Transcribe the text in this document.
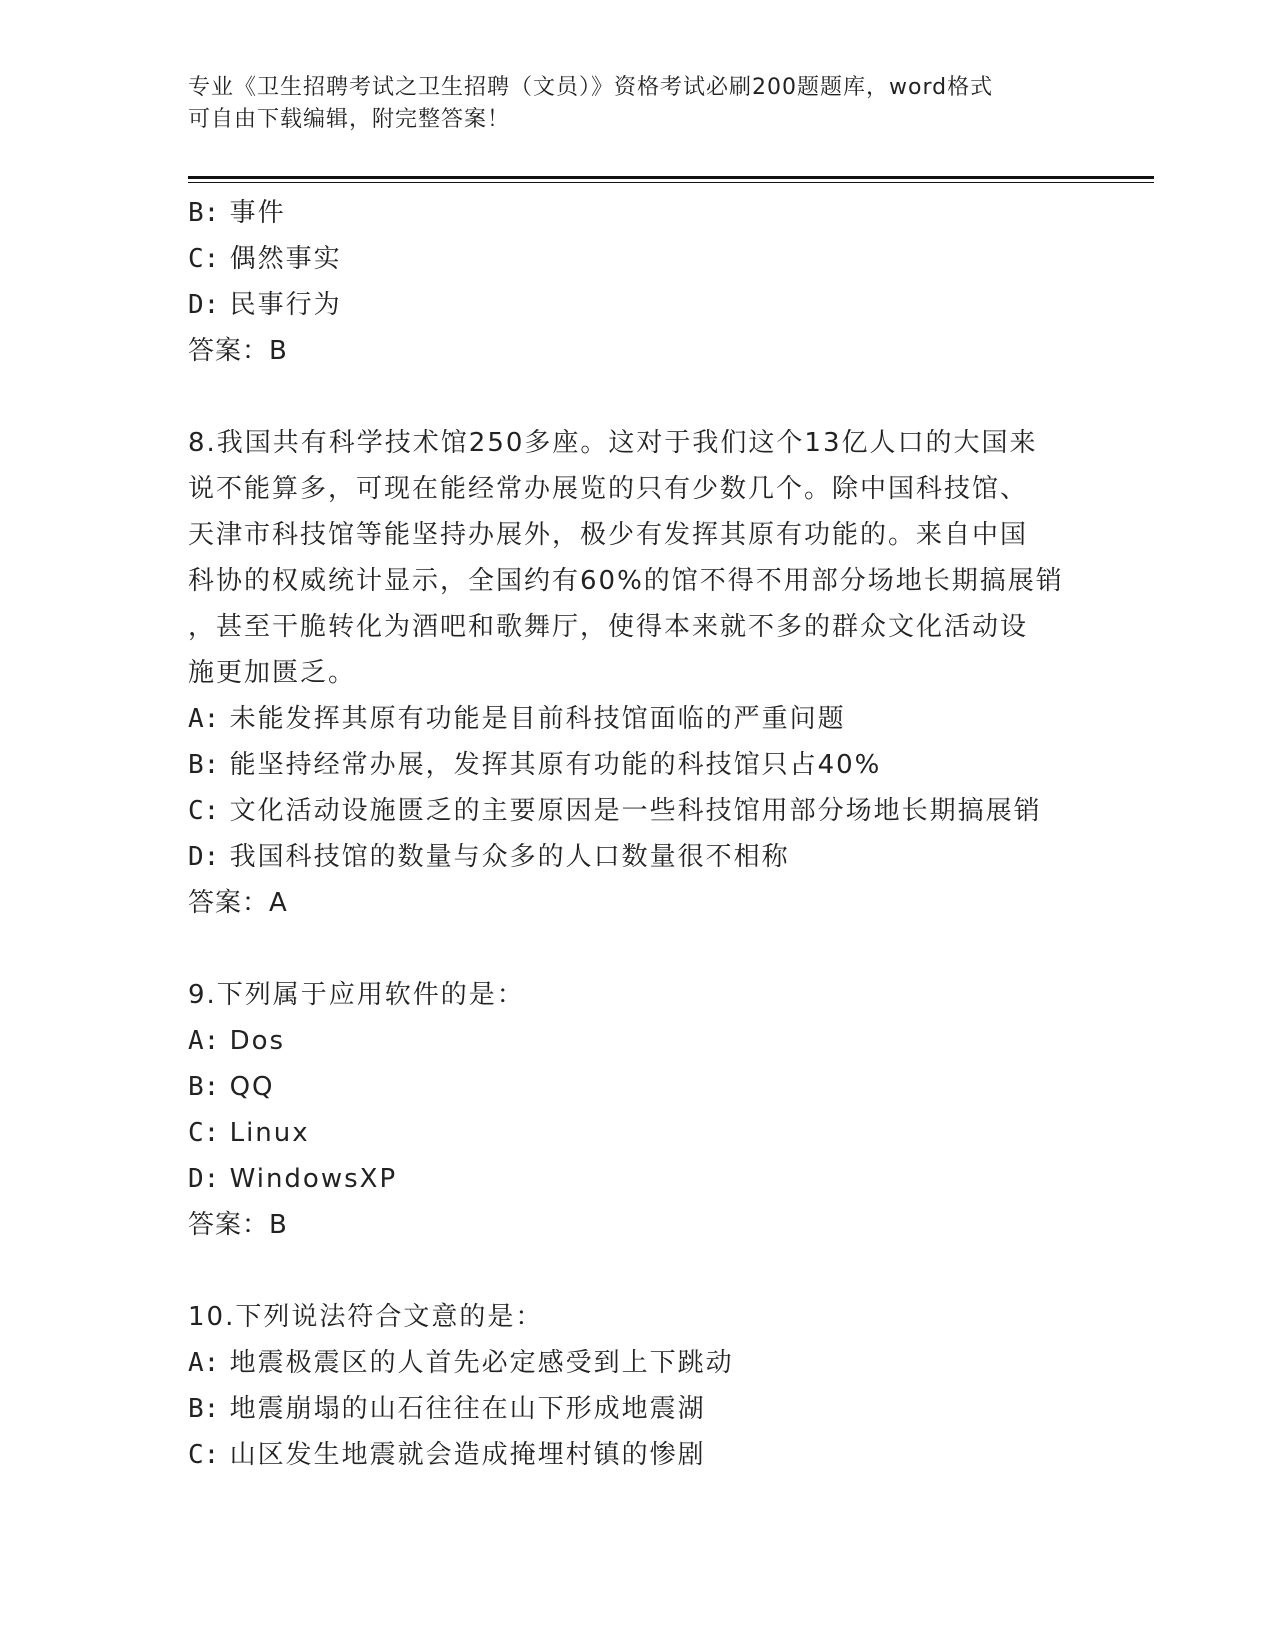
专业《卫生招聘考试之卫生招聘（文员）》资格考试必刷200题题库，word格式
可自由下载编辑，附完整答案！
B: 事件
C: 偶然事实
D: 民事行为
答案：B
8.我国共有科学技术馆250多座。这对于我们这个13亿人口的大国来
说不能算多，可现在能经常办展览的只有少数几个。除中国科技馆、
天津市科技馆等能坚持办展外，极少有发挥其原有功能的。来自中国
科协的权威统计显示，全国约有60%的馆不得不用部分场地长期搞展销
，甚至干脆转化为酒吧和歌舞厅，使得本来就不多的群众文化活动设
施更加匮乏。
A: 未能发挥其原有功能是目前科技馆面临的严重问题
B: 能坚持经常办展，发挥其原有功能的科技馆只占40%
C: 文化活动设施匮乏的主要原因是一些科技馆用部分场地长期搞展销
D: 我国科技馆的数量与众多的人口数量很不相称
答案：A
9.下列属于应用软件的是：
A: Dos
B: QQ
C: Linux
D: WindowsXP
答案：B
10.下列说法符合文意的是：
A: 地震极震区的人首先必定感受到上下跳动
B: 地震崩塌的山石往往在山下形成地震湖
C: 山区发生地震就会造成掩埋村镇的惨剧
